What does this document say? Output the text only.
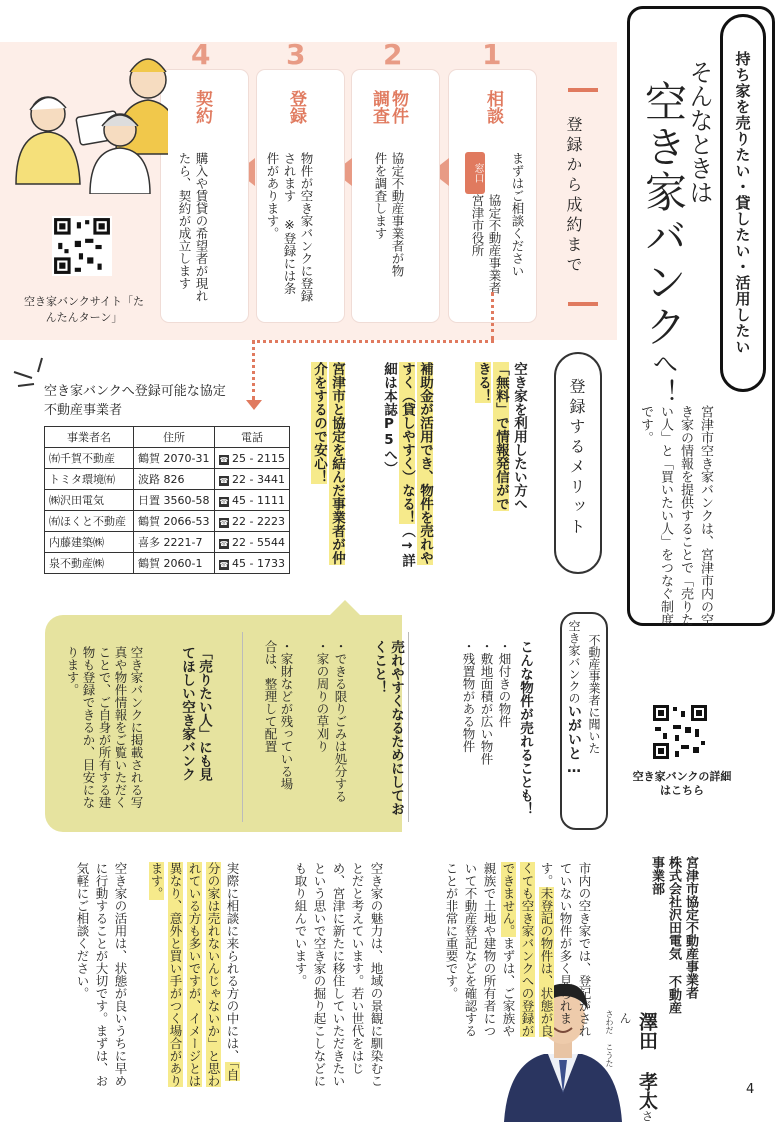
持ち家を売りたい・貸したい・活用したい
そんなときは
空き家バンクへ！
宮津市空き家バンクは、宮津市内の空き家の情報を提供することで「売りたい人」と「買いたい人」をつなぐ制度です。
空き家バンクの詳細はこちら
登録から成約まで
1
相談
まずはご相談ください
窓口
協定不動産事業者 宮津市役所
2
物件調査
協定不動産事業者が物件を調査します
3
登録
物件が空き家バンクに登録されます ※登録には条件があります。
4
契約
購入や賃貸の希望者が現れたら、契約が成立します
空き家バンクサイト「たんたんターン」
登録するメリット
空き家を利用したい方へ「無料」で情報発信ができる！
補助金が活用でき、物件を売れやすく（貸しやすく）なる！（→詳細は本誌P5へ）
宮津市と協定を結んだ事業者が仲介をするので安心！
空き家バンクへ登録可能な協定不動産事業者
事業者名	住所	電話
㈲千賀不動産	鶴賀 2070-31	☎ 25 - 2115
トミタ環境㈲	波路 826	☎ 22 - 3441
㈱沢田電気	日置 3560-58	☎ 45 - 1111
㈲ほくと不動産	鶴賀 2066-53	☎ 22 - 2223
内藤建築㈱	喜多 2221-7	☎ 22 - 5544
泉不動産㈱	鶴賀 2060-1	☎ 45 - 1733
不動産事業者に聞いた
空き家バンクのいがいと…
こんな物件が売れることも！
・畑付きの物件
・敷地面積が広い物件
・残置物がある物件
売れやすくなるためにしておくこと！
・できる限りごみは処分する
・家の周りの草刈り
・家財などが残っている場合は、整理して配置
「売りたい人」にも見てほしい空き家バンク
空き家バンクに掲載される写真や物件情報をご覧いただくことで、ご自身が所有する建物も登録できるか、目安になります。
宮津市協定不動産事業者
株式会社沢田電気 不動産事業部
さわだ こうた	澤田 孝太さん
市内の空き家では、登記がされていない物件が多く見られます。未登記の物件は、状態が良くても空き家バンクへの登録ができません。まずは、ご家族や親族で土地や建物の所有者について不動産登記などを確認することが非常に重要です。
空き家の魅力は、地域の景観に馴染むことだと考えています。若い世代をはじめ、宮津に新たに移住していただきたいという思いで空き家の掘り起こしなどにも取り組んでいます。
実際に相談に来られる方の中には、「自分の家は売れないんじゃないか」と思われている方も多いですが、イメージとは異なり、意外と買い手がつく場合があります。
空き家の活用は、状態が良いうちに早めに行動することが大切です。まずは、お気軽にご相談ください。
4
